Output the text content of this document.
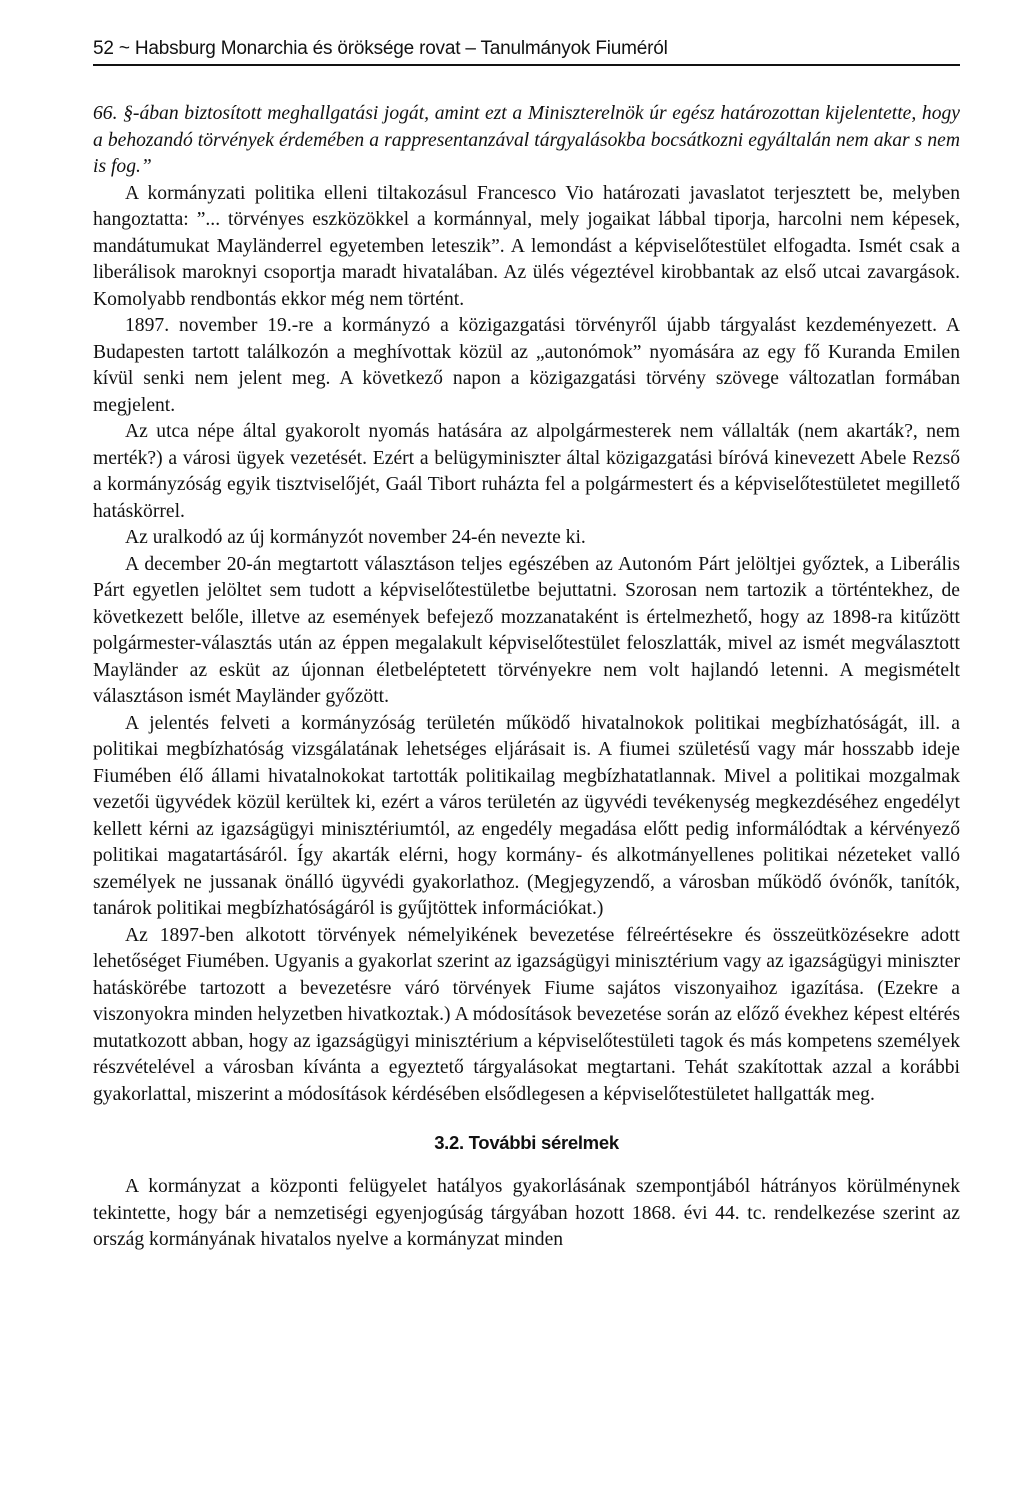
52 ~ Habsburg Monarchia és öröksége rovat – Tanulmányok Fiuméról

66. §-ában biztosított meghallgatási jogát, amint ezt a Miniszterelnök úr egész határozottan kijelentette, hogy a behozandó törvények érdemében a rappresentanzával tárgyalásokba bocsátkozni egyáltalán nem akar s nem is fog.”

A kormányzati politika elleni tiltakozásul Francesco Vio határozati javaslatot terjesztett be, melyben hangoztatta: ”... törvényes eszközökkel a kormánnyal, mely jogaikat lábbal tiporja, harcolni nem képesek, mandátumukat Mayländerrel egyetemben leteszik”. A lemondást a képviselőtestület elfogadta. Ismét csak a liberálisok maroknyi csoportja maradt hivatalában. Az ülés végeztével kirobbantak az első utcai zavargások. Komolyabb rendbontás ekkor még nem történt.

1897. november 19.-re a kormányzó a közigazgatási törvényről újabb tárgyalást kezdeményezett. A Budapesten tartott találkozón a meghívottak közül az „autonómok” nyomására az egy fő Kuranda Emilen kívül senki nem jelent meg. A következő napon a közigazgatási törvény szövege változatlan formában megjelent.

Az utca népe által gyakorolt nyomás hatására az alpolgármesterek nem vállalták (nem akarták?, nem merték?) a városi ügyek vezetését. Ezért a belügyminiszter által közigazgatási bíróvá kinevezett Abele Rezső a kormányzóság egyik tisztviselőjét, Gaál Tibort ruházta fel a polgármestert és a képviselőtestületet megillető hatáskörrel.

Az uralkodó az új kormányzót november 24-én nevezte ki.

A december 20-án megtartott választáson teljes egészében az Autonóm Párt jelöltjei győztek, a Liberális Párt egyetlen jelöltet sem tudott a képviselőtestületbe bejuttatni. Szorosan nem tartozik a történtekhez, de következett belőle, illetve az események befejező mozzanataként is értelmezhető, hogy az 1898-ra kitűzött polgármester-választás után az éppen megalakult képviselőtestület feloszlatták, mivel az ismét megválasztott Mayländer az esküt az újonnan életbeléptetett törvényekre nem volt hajlandó letenni. A megismételt választáson ismét Mayländer győzött.

A jelentés felveti a kormányzóság területén működő hivatalnokok politikai megbízhatóságát, ill. a politikai megbízhatóság vizsgálatának lehetséges eljárásait is. A fiumei születésű vagy már hosszabb ideje Fiumében élő állami hivatalnokokat tartották politikailag megbízhatatlannak. Mivel a politikai mozgalmak vezetői ügyvédek közül kerültek ki, ezért a város területén az ügyvédi tevékenység megkezdéséhez engedélyt kellett kérni az igazságügyi minisztériumtól, az engedély megadása előtt pedig informálódtak a kérvényező politikai magatartásáról. Így akarták elérni, hogy kormány- és alkotmányellenes politikai nézeteket valló személyek ne jussanak önálló ügyvédi gyakorlathoz. (Megjegyzendő, a városban működő óvónők, tanítók, tanárok politikai megbízhatóságáról is gyűjtöttek információkat.)

Az 1897-ben alkotott törvények némelyikének bevezetése félreértésekre és összeütközésekre adott lehetőséget Fiumében. Ugyanis a gyakorlat szerint az igazságügyi minisztérium vagy az igazságügyi miniszter hatáskörébe tartozott a bevezetésre váró törvények Fiume sajátos viszonyaihoz igazítása. (Ezekre a viszonyokra minden helyzetben hivatkoztak.) A módosítások bevezetése során az előző évekhez képest eltérés mutatkozott abban, hogy az igazságügyi minisztérium a képviselőtestületi tagok és más kompetens személyek részvételével a városban kívánta a egyeztető tárgyalásokat megtartani. Tehát szakítottak azzal a korábbi gyakorlattal, miszerint a módosítások kérdésében elsődlegesen a képviselőtestületet hallgatták meg.

3.2. További sérelmek

A kormányzat a központi felügyelet hatályos gyakorlásának szempontjából hátrányos körülménynek tekintette, hogy bár a nemzetiségi egyenjogúság tárgyában hozott 1868. évi 44. tc. rendelkezése szerint az ország kormányának hivatalos nyelve a kormányzat minden
